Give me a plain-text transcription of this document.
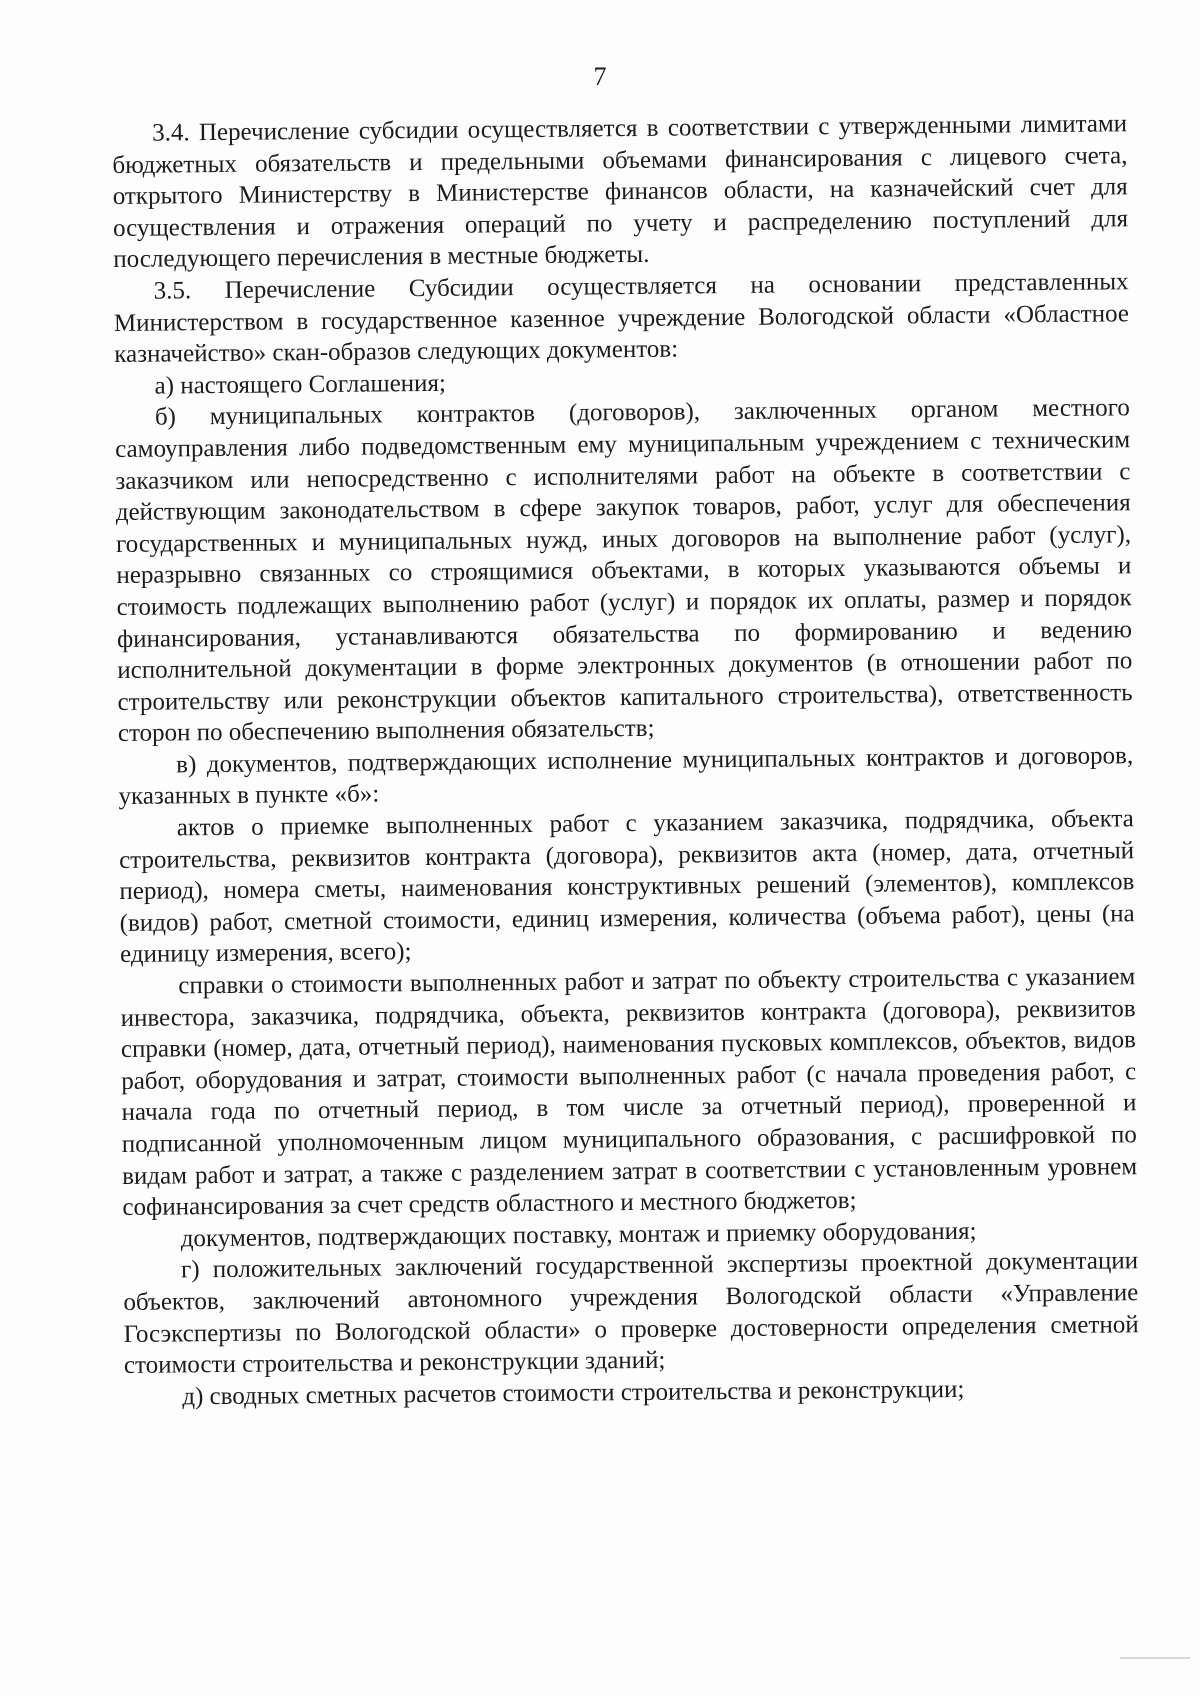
7

3.4. Перечисление субсидии осуществляется в соответствии с утвержденными лимитами бюджетных обязательств и предельными объемами финансирования с лицевого счета, открытого Министерству в Министерстве финансов области, на казначейский счет для осуществления и отражения операций по учету и распределению поступлений для последующего перечисления в местные бюджеты.

3.5. Перечисление Субсидии осуществляется на основании представленных Министерством в государственное казенное учреждение Вологодской области «Областное казначейство» скан-образов следующих документов:

а) настоящего Соглашения;

б) муниципальных контрактов (договоров), заключенных органом местного самоуправления либо подведомственным ему муниципальным учреждением с техническим заказчиком или непосредственно с исполнителями работ на объекте в соответствии с действующим законодательством в сфере закупок товаров, работ, услуг для обеспечения государственных и муниципальных нужд, иных договоров на выполнение работ (услуг), неразрывно связанных со строящимися объектами, в которых указываются объемы и стоимость подлежащих выполнению работ (услуг) и порядок их оплаты, размер и порядок финансирования, устанавливаются обязательства по формированию и ведению исполнительной документации в форме электронных документов (в отношении работ по строительству или реконструкции объектов капитального строительства), ответственность сторон по обеспечению выполнения обязательств;

в) документов, подтверждающих исполнение муниципальных контрактов и договоров, указанных в пункте «б»:

актов о приемке выполненных работ с указанием заказчика, подрядчика, объекта строительства, реквизитов контракта (договора), реквизитов акта (номер, дата, отчетный период), номера сметы, наименования конструктивных решений (элементов), комплексов (видов) работ, сметной стоимости, единиц измерения, количества (объема работ), цены (на единицу измерения, всего);

справки о стоимости выполненных работ и затрат по объекту строительства с указанием инвестора, заказчика, подрядчика, объекта, реквизитов контракта (договора), реквизитов справки (номер, дата, отчетный период), наименования пусковых комплексов, объектов, видов работ, оборудования и затрат, стоимости выполненных работ (с начала проведения работ, с начала года по отчетный период, в том числе за отчетный период), проверенной и подписанной уполномоченным лицом муниципального образования, с расшифровкой по видам работ и затрат, а также с разделением затрат в соответствии с установленным уровнем софинансирования за счет средств областного и местного бюджетов;

документов, подтверждающих поставку, монтаж и приемку оборудования;

г) положительных заключений государственной экспертизы проектной документации объектов, заключений автономного учреждения Вологодской области «Управление Госэкспертизы по Вологодской области» о проверке достоверности определения сметной стоимости строительства и реконструкции зданий;

д) сводных сметных расчетов стоимости строительства и реконструкции;
